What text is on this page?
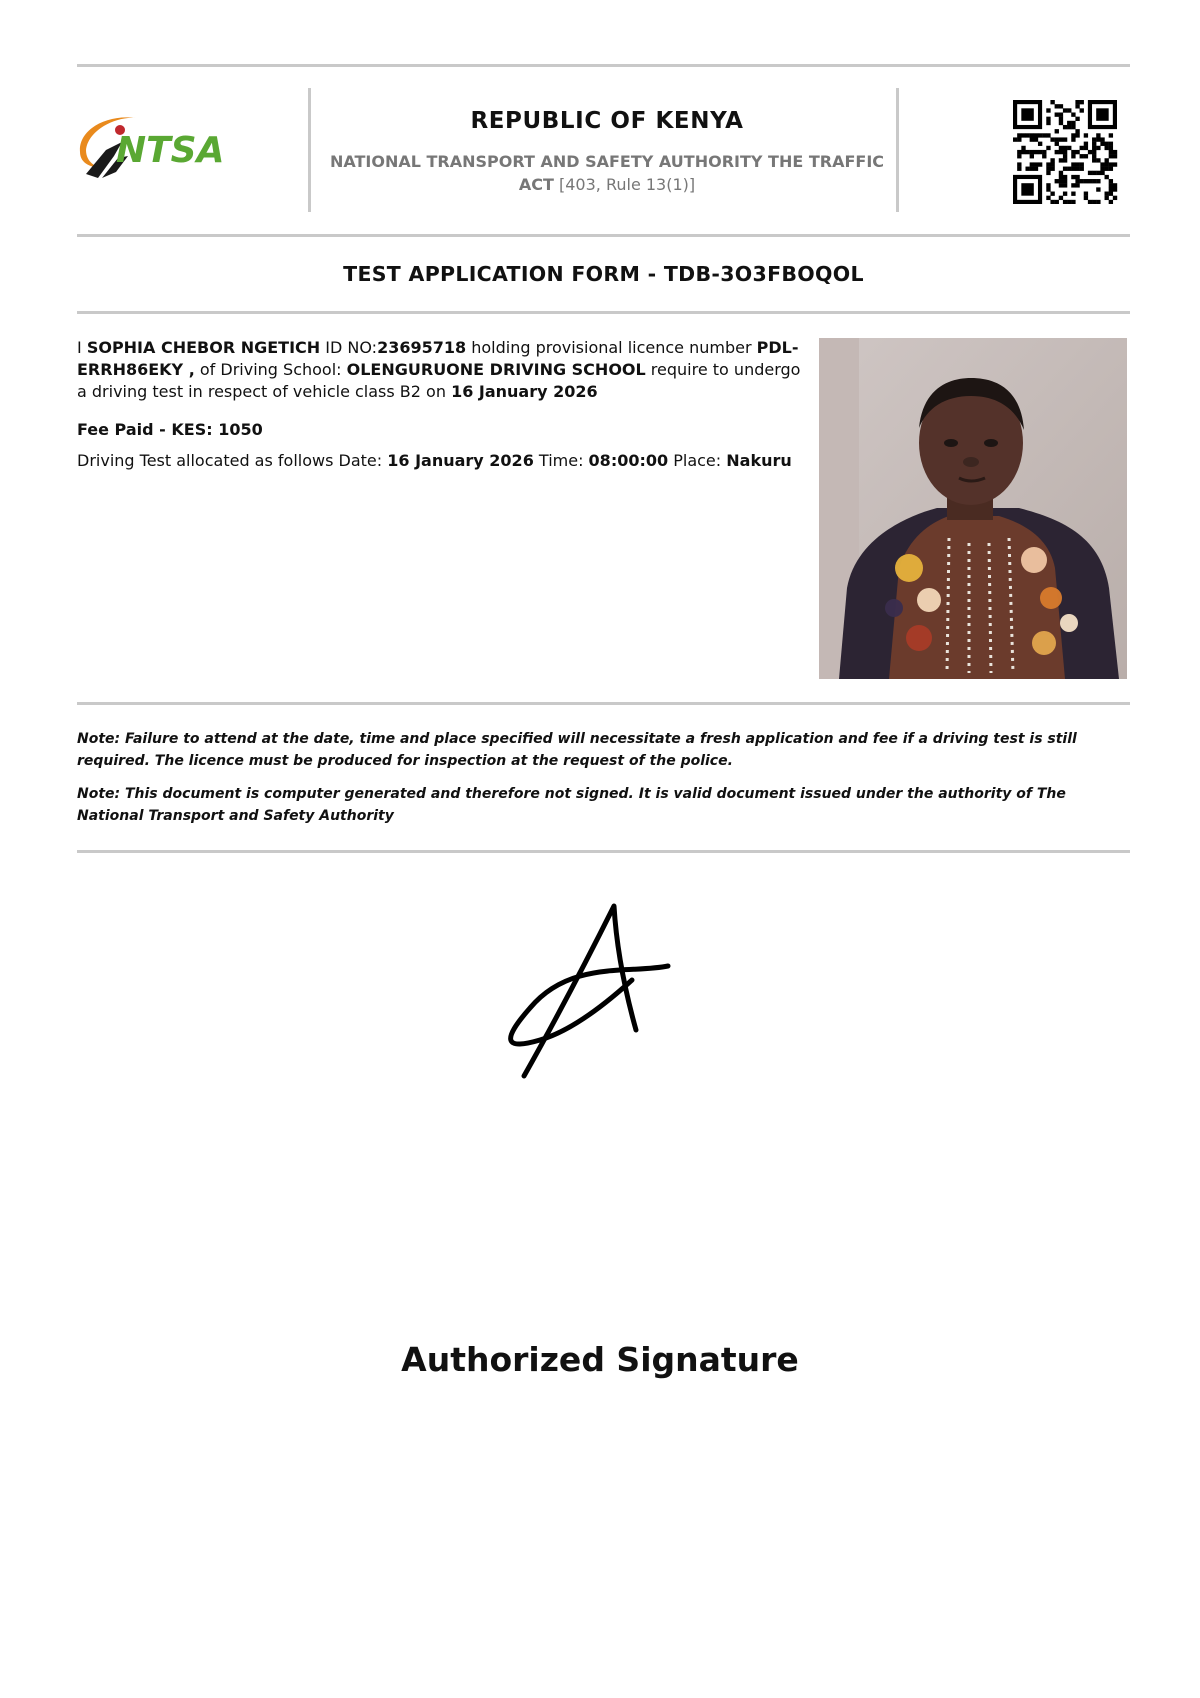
NTSA
REPUBLIC OF KENYA
NATIONAL TRANSPORT AND SAFETY AUTHORITY THE TRAFFIC ACT [403, Rule 13(1)]
TEST APPLICATION FORM - TDB-3O3FBOQOL
I SOPHIA CHEBOR NGETICH ID NO:23695718 holding provisional licence number PDL-ERRH86EKY , of Driving School: OLENGURUONE DRIVING SCHOOL require to undergo a driving test in respect of vehicle class B2 on 16 January 2026
Fee Paid - KES: 1050
Driving Test allocated as follows Date: 16 January 2026 Time: 08:00:00 Place: Nakuru
Note: Failure to attend at the date, time and place specified will necessitate a fresh application and fee if a driving test is still required. The licence must be produced for inspection at the request of the police.
Note: This document is computer generated and therefore not signed. It is valid document issued under the authority of The National Transport and Safety Authority
Authorized Signature
